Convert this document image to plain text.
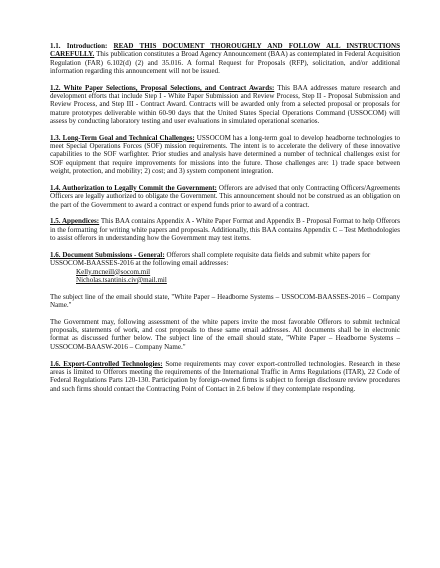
1.1. Introduction: READ THIS DOCUMENT THOROUGHLY AND FOLLOW ALL INSTRUCTIONS CAREFULLY. This publication constitutes a Broad Agency Announcement (BAA) as contemplated in Federal Acquisition Regulation (FAR) 6.102(d) (2) and 35.016. A formal Request for Proposals (RFP), solicitation, and/or additional information regarding this announcement will not be issued.

1.2. White Paper Selections, Proposal Selections, and Contract Awards: This BAA addresses mature research and development efforts that include Step I - White Paper Submission and Review Process, Step II - Proposal Submission and Review Process, and Step III - Contract Award. Contracts will be awarded only from a selected proposal or proposals for mature prototypes deliverable within 60-90 days that the United States Special Operations Command (USSOCOM) will assess by conducting laboratory testing and user evaluations in simulated operational scenarios.

1.3. Long-Term Goal and Technical Challenges: USSOCOM has a long-term goal to develop headborne technologies to meet Special Operations Forces (SOF) mission requirements. The intent is to accelerate the delivery of these innovative capabilities to the SOF warfighter. Prior studies and analysis have determined a number of technical challenges exist for SOF equipment that require improvements for missions into the future. Those challenges are: 1) trade space between weight, protection, and mobility; 2) cost; and 3) system component integration.

1.4. Authorization to Legally Commit the Government: Offerors are advised that only Contracting Officers/Agreements Officers are legally authorized to obligate the Government. This announcement should not be construed as an obligation on the part of the Government to award a contract or expend funds prior to award of a contract.

1.5. Appendices: This BAA contains Appendix A - White Paper Format and Appendix B - Proposal Format to help Offerors in the formatting for writing white papers and proposals. Additionally, this BAA contains Appendix C – Test Methodologies to assist offerors in understanding how the Government may test items.

1.6. Document Submissions - General: Offerors shall complete requisite data fields and submit white papers for USSOCOM-BAASSES-2016 at the following email addresses:
Kelly.mcneill@socom.mil
Nicholas.tsantinis.civ@mail.mil

The subject line of the email should state, "White Paper – Headborne Systems – USSOCOM-BAASSES-2016 – Company Name."

The Government may, following assessment of the white papers invite the most favorable Offerors to submit technical proposals, statements of work, and cost proposals to these same email addresses. All documents shall be in electronic format as discussed further below. The subject line of the email should state, "White Paper – Headborne Systems – USSOCOM-BAASW-2016 – Company Name."

1.6. Export-Controlled Technologies: Some requirements may cover export-controlled technologies. Research in these areas is limited to Offerors meeting the requirements of the International Traffic in Arms Regulations (ITAR), 22 Code of Federal Regulations Parts 120-130. Participation by foreign-owned firms is subject to foreign disclosure review procedures and such firms should contact the Contracting Point of Contact in 2.6 below if they contemplate responding.
